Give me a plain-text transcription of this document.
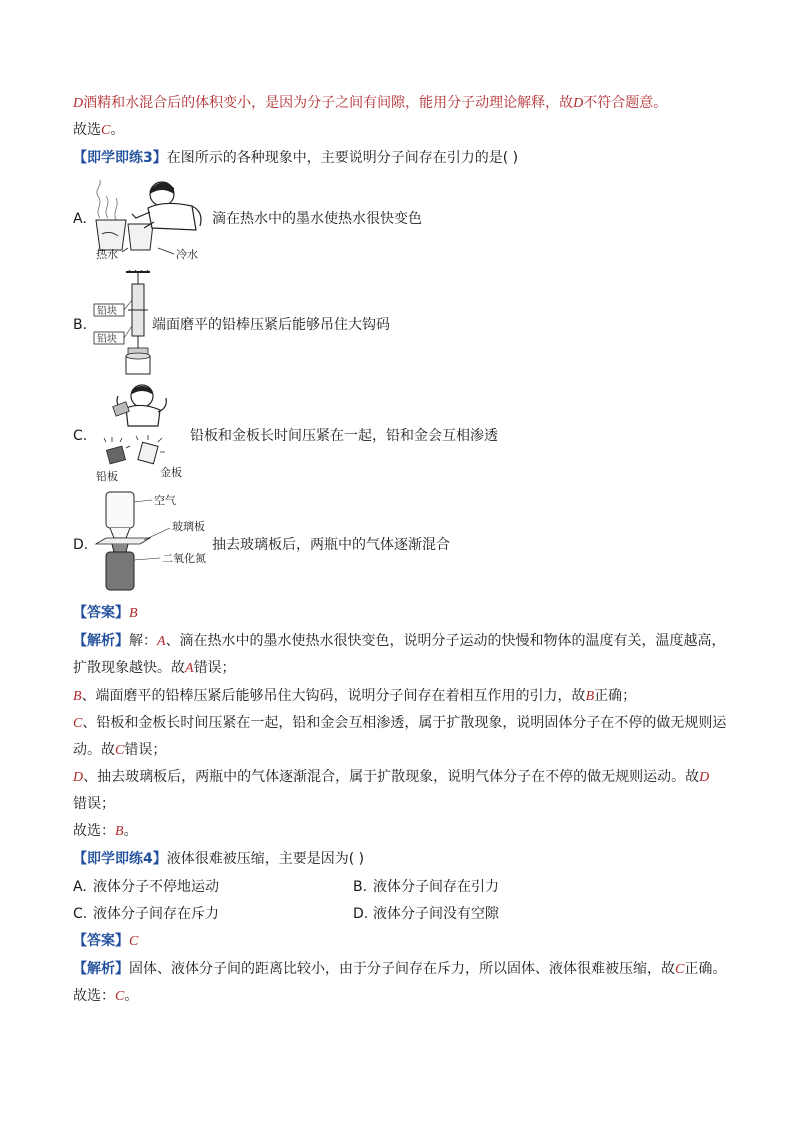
D酒精和水混合后的体积变小，是因为分子之间有间隙，能用分子动理论解释，故D不符合题意。
故选C。
【即学即练3】在图所示的各种现象中，主要说明分子间存在引力的是( )
A.
热水	冷水
滴在热水中的墨水使热水很快变色
B.
铅块
铅块
端面磨平的铅棒压紧后能够吊住大钩码
C.
铅板	金板
铅板和金板长时间压紧在一起，铅和金会互相渗透
D.
空气
玻璃板
二氧化氮
抽去玻璃板后，两瓶中的气体逐渐混合
【答案】B
【解析】解：A、滴在热水中的墨水使热水很快变色，说明分子运动的快慢和物体的温度有关，温度越高，
扩散现象越快。故A错误；
B、端面磨平的铅棒压紧后能够吊住大钩码，说明分子间存在着相互作用的引力，故B正确；
C、铅板和金板长时间压紧在一起，铅和金会互相渗透，属于扩散现象，说明固体分子在不停的做无规则运
动。故C错误；
D、抽去玻璃板后，两瓶中的气体逐渐混合，属于扩散现象，说明气体分子在不停的做无规则运动。故D
错误；
故选：B。
【即学即练4】液体很难被压缩，主要是因为( )
A. 液体分子不停地运动	B. 液体分子间存在引力
C. 液体分子间存在斥力	D. 液体分子间没有空隙
【答案】C
【解析】固体、液体分子间的距离比较小，由于分子间存在斥力，所以固体、液体很难被压缩，故C正确。
故选：C。
